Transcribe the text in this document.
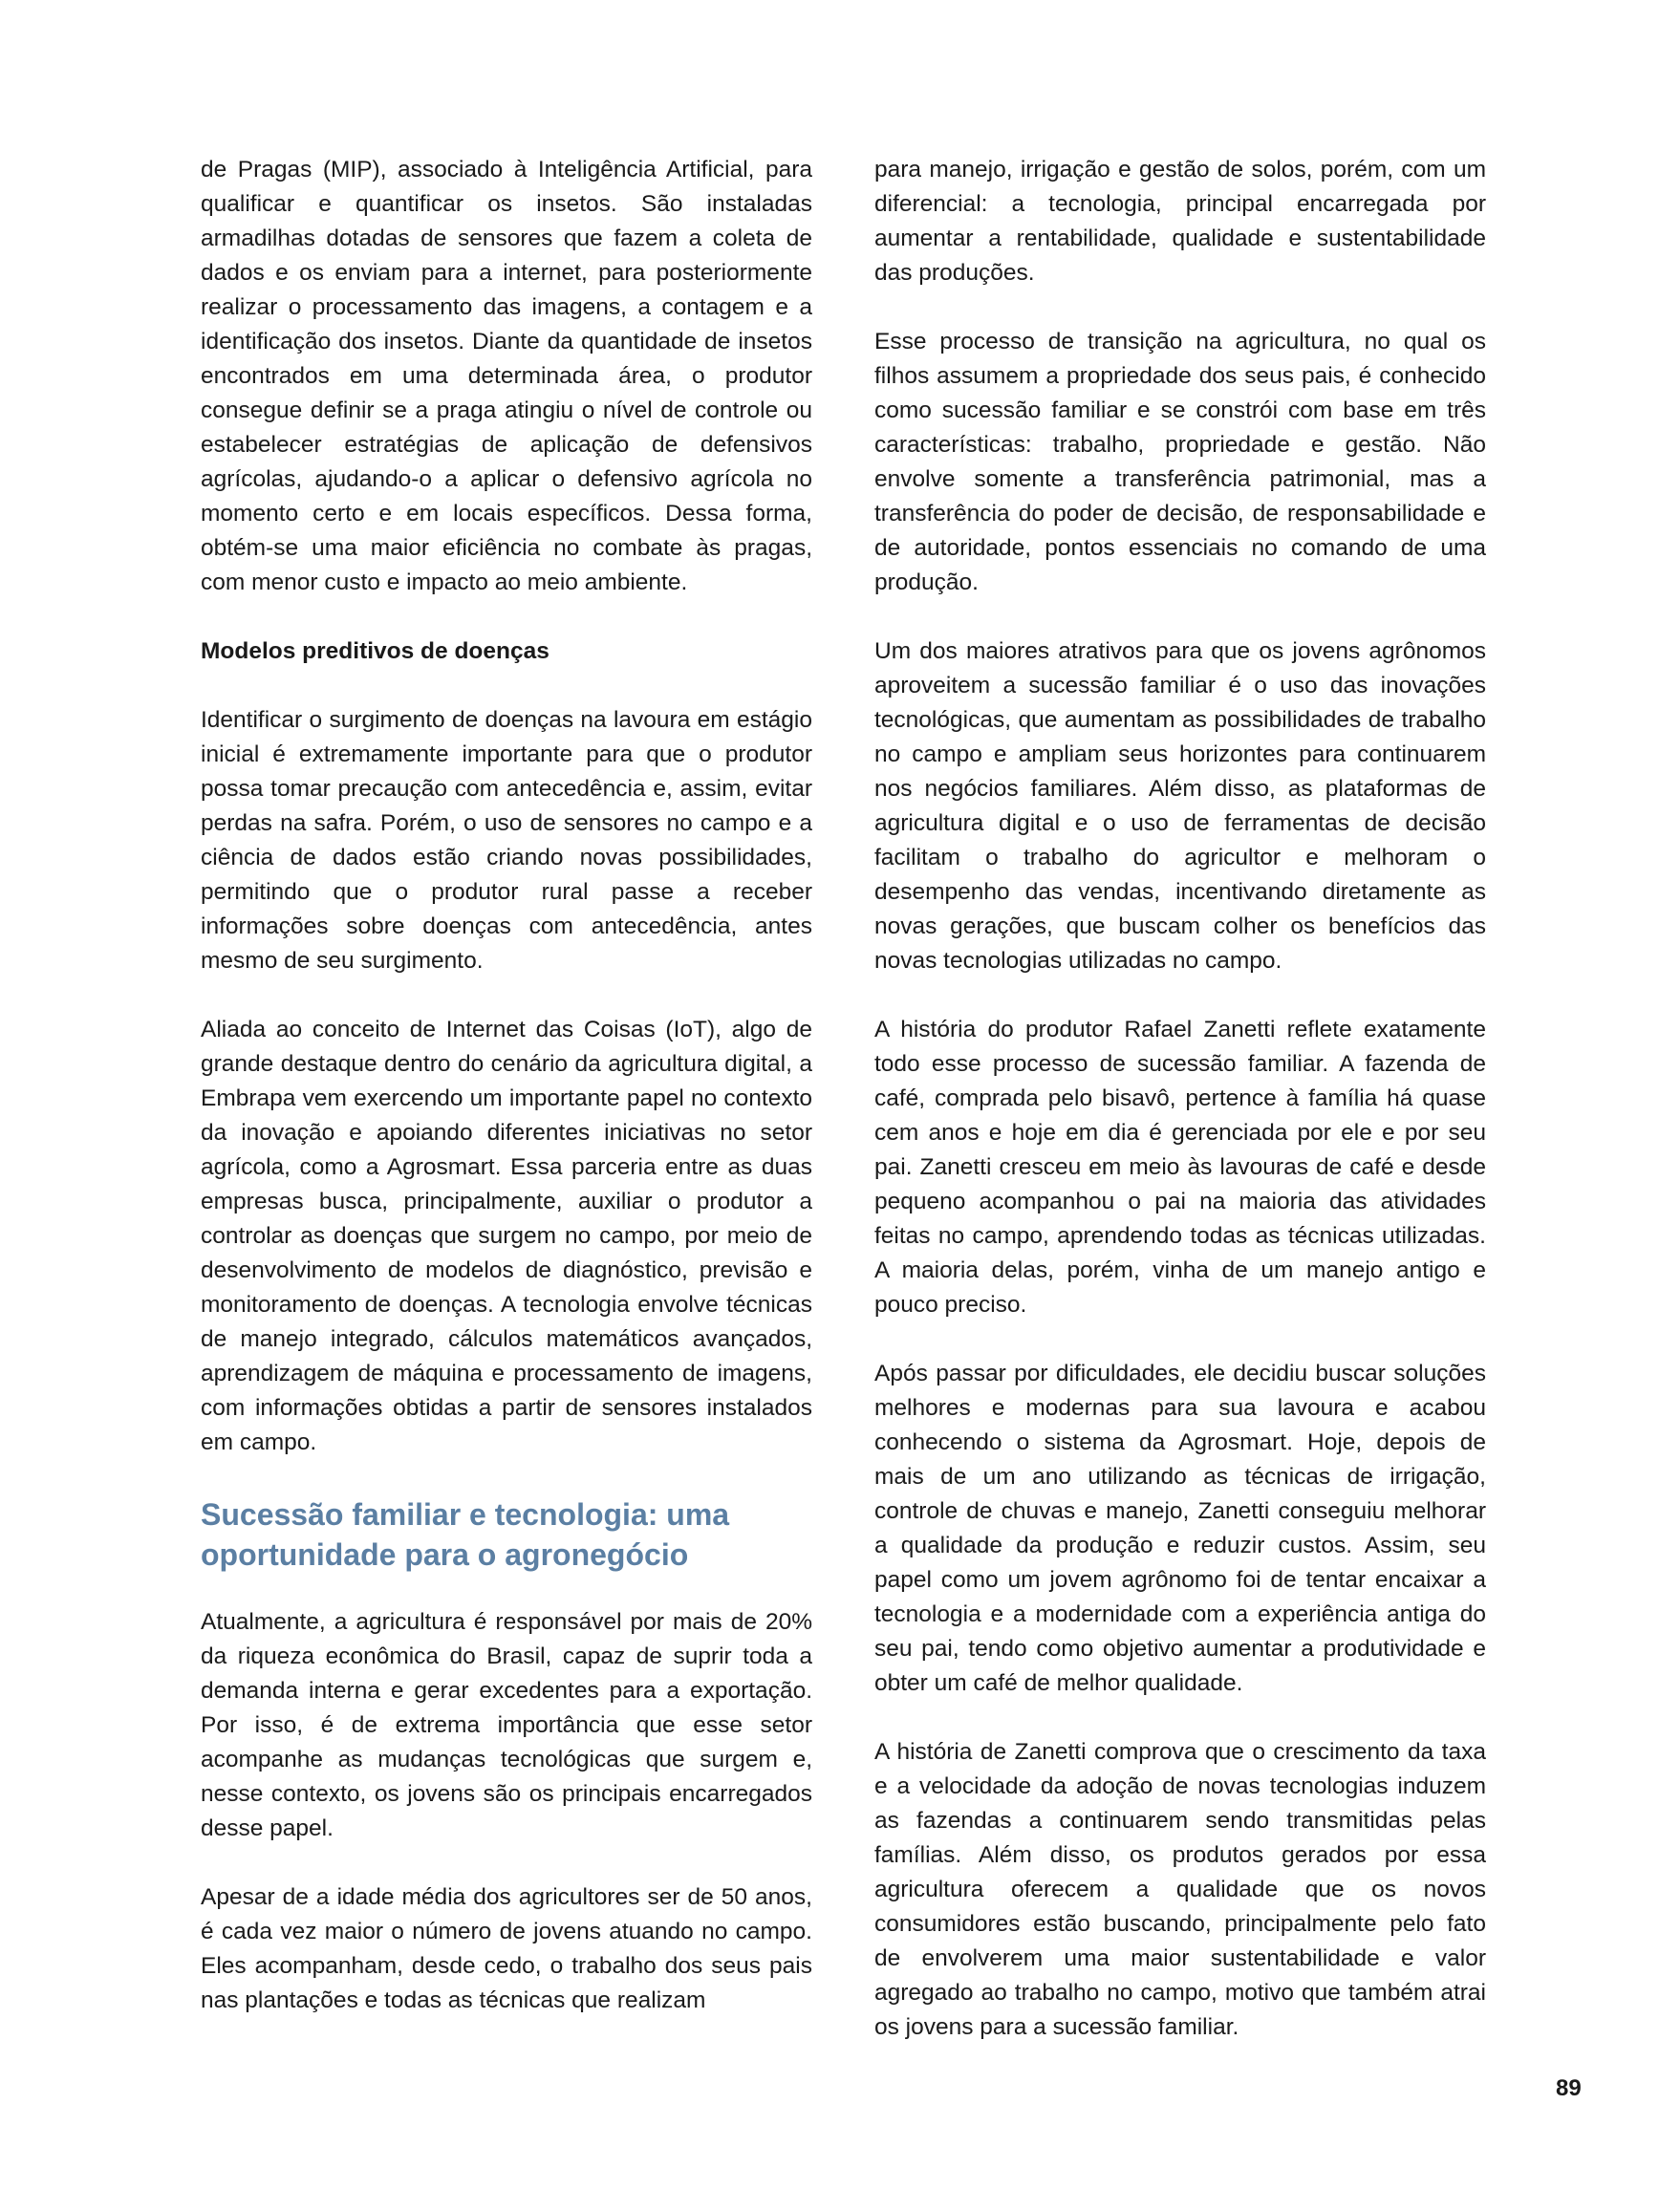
de Pragas (MIP), associado à Inteligência Artificial, para qualificar e quantificar os insetos. São instaladas armadilhas dotadas de sensores que fazem a coleta de dados e os enviam para a internet, para posteriormente realizar o processamento das imagens, a contagem e a identificação dos insetos. Diante da quantidade de insetos encontrados em uma determinada área, o produtor consegue definir se a praga atingiu o nível de controle ou estabelecer estratégias de aplicação de defensivos agrícolas, ajudando-o a aplicar o defensivo agrícola no momento certo e em locais específicos. Dessa forma, obtém-se uma maior eficiência no combate às pragas, com menor custo e impacto ao meio ambiente.

Modelos preditivos de doenças

Identificar o surgimento de doenças na lavoura em estágio inicial é extremamente importante para que o produtor possa tomar precaução com antecedência e, assim, evitar perdas na safra. Porém, o uso de sensores no campo e a ciência de dados estão criando novas possibilidades, permitindo que o produtor rural passe a receber informações sobre doenças com antecedência, antes mesmo de seu surgimento.

Aliada ao conceito de Internet das Coisas (IoT), algo de grande destaque dentro do cenário da agricultura digital, a Embrapa vem exercendo um importante papel no contexto da inovação e apoiando diferentes iniciativas no setor agrícola, como a Agrosmart. Essa parceria entre as duas empresas busca, principalmente, auxiliar o produtor a controlar as doenças que surgem no campo, por meio de desenvolvimento de modelos de diagnóstico, previsão e monitoramento de doenças. A tecnologia envolve técnicas de manejo integrado, cálculos matemáticos avançados, aprendizagem de máquina e processamento de imagens, com informações obtidas a partir de sensores instalados em campo.

Sucessão familiar e tecnologia: uma oportunidade para o agronegócio

Atualmente, a agricultura é responsável por mais de 20% da riqueza econômica do Brasil, capaz de suprir toda a demanda interna e gerar excedentes para a exportação. Por isso, é de extrema importância que esse setor acompanhe as mudanças tecnológicas que surgem e, nesse contexto, os jovens são os principais encarregados desse papel.

Apesar de a idade média dos agricultores ser de 50 anos, é cada vez maior o número de jovens atuando no campo. Eles acompanham, desde cedo, o trabalho dos seus pais nas plantações e todas as técnicas que realizam

para manejo, irrigação e gestão de solos, porém, com um diferencial: a tecnologia, principal encarregada por aumentar a rentabilidade, qualidade e sustentabilidade das produções.

Esse processo de transição na agricultura, no qual os filhos assumem a propriedade dos seus pais, é conhecido como sucessão familiar e se constrói com base em três características: trabalho, propriedade e gestão. Não envolve somente a transferência patrimonial, mas a transferência do poder de decisão, de responsabilidade e de autoridade, pontos essenciais no comando de uma produção.

Um dos maiores atrativos para que os jovens agrônomos aproveitem a sucessão familiar é o uso das inovações tecnológicas, que aumentam as possibilidades de trabalho no campo e ampliam seus horizontes para continuarem nos negócios familiares. Além disso, as plataformas de agricultura digital e o uso de ferramentas de decisão facilitam o trabalho do agricultor e melhoram o desempenho das vendas, incentivando diretamente as novas gerações, que buscam colher os benefícios das novas tecnologias utilizadas no campo.

A história do produtor Rafael Zanetti reflete exatamente todo esse processo de sucessão familiar. A fazenda de café, comprada pelo bisavô, pertence à família há quase cem anos e hoje em dia é gerenciada por ele e por seu pai. Zanetti cresceu em meio às lavouras de café e desde pequeno acompanhou o pai na maioria das atividades feitas no campo, aprendendo todas as técnicas utilizadas. A maioria delas, porém, vinha de um manejo antigo e pouco preciso.

Após passar por dificuldades, ele decidiu buscar soluções melhores e modernas para sua lavoura e acabou conhecendo o sistema da Agrosmart. Hoje, depois de mais de um ano utilizando as técnicas de irrigação, controle de chuvas e manejo, Zanetti conseguiu melhorar a qualidade da produção e reduzir custos. Assim, seu papel como um jovem agrônomo foi de tentar encaixar a tecnologia e a modernidade com a experiência antiga do seu pai, tendo como objetivo aumentar a produtividade e obter um café de melhor qualidade.

A história de Zanetti comprova que o crescimento da taxa e a velocidade da adoção de novas tecnologias induzem as fazendas a continuarem sendo transmitidas pelas famílias. Além disso, os produtos gerados por essa agricultura oferecem a qualidade que os novos consumidores estão buscando, principalmente pelo fato de envolverem uma maior sustentabilidade e valor agregado ao trabalho no campo, motivo que também atrai os jovens para a sucessão familiar.

89
